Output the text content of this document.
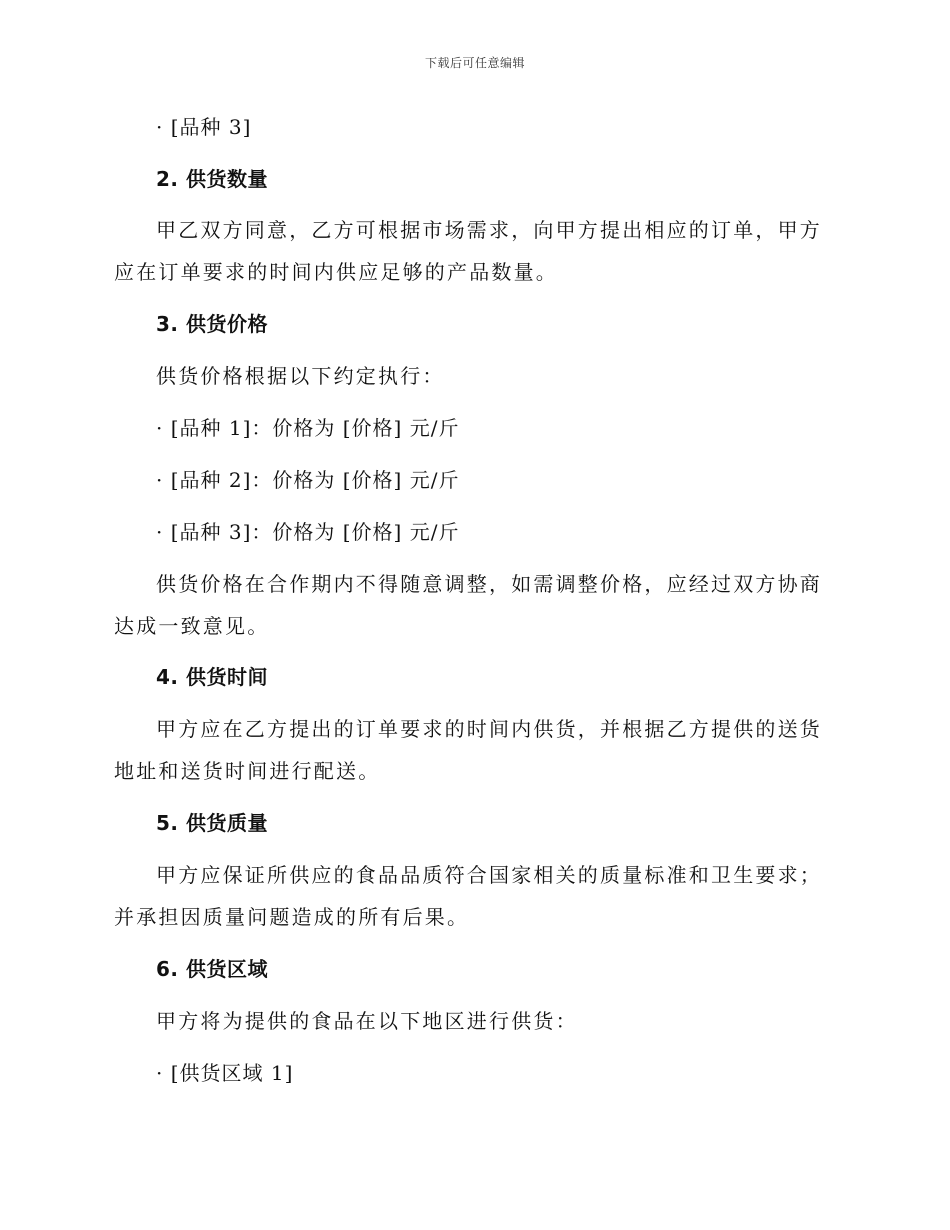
下载后可任意编辑
· [品种 3]
2. 供货数量
甲乙双方同意，乙方可根据市场需求，向甲方提出相应的订单，甲方应在订单要求的时间内供应足够的产品数量。
3. 供货价格
供货价格根据以下约定执行：
· [品种 1]：价格为 [价格] 元/斤
· [品种 2]：价格为 [价格] 元/斤
· [品种 3]：价格为 [价格] 元/斤
供货价格在合作期内不得随意调整，如需调整价格，应经过双方协商达成一致意见。
4. 供货时间
甲方应在乙方提出的订单要求的时间内供货，并根据乙方提供的送货地址和送货时间进行配送。
5. 供货质量
甲方应保证所供应的食品品质符合国家相关的质量标准和卫生要求；并承担因质量问题造成的所有后果。
6. 供货区域
甲方将为提供的食品在以下地区进行供货：
· [供货区域 1]
